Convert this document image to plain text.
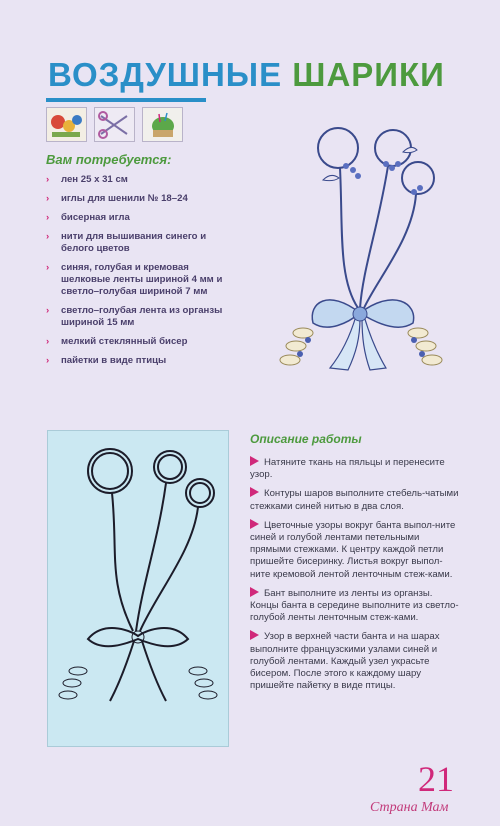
ВОЗДУШНЫЕ ШАРИКИ
Вам потребуется:
› лен 25 х 31 см
› иглы для шенили № 18–24
› бисерная игла
› нити для вышивания синего и белого цветов
› синяя, голубая и кремовая шелковые ленты шириной 4 мм и светло–голубая шириной 7 мм
› светло–голубая лента из органзы шириной 15 мм
› мелкий стеклянный бисер
› пайетки в виде птицы
Описание работы
Натяните ткань на пяльцы и перенесите узор.
Контуры шаров выполните стебель-чатыми стежками синей нитью в два слоя.
Цветочные узоры вокруг банта выпол-ните синей и голубой лентами петельными прямыми стежками. К центру каждой петли пришейте бисеринку. Листья вокруг выпол-ните кремовой лентой ленточным стеж-ками.
Бант выполните из ленты из органзы. Концы банта в середине выполните из светло-голубой ленты ленточным стеж-ками.
Узор в верхней части банта и на шарах выполните французскими узлами синей и голубой лентами. Каждый узел украсьте бисером. После этого к каждому шару пришейте пайетку в виде птицы.
21
Страна Мам
